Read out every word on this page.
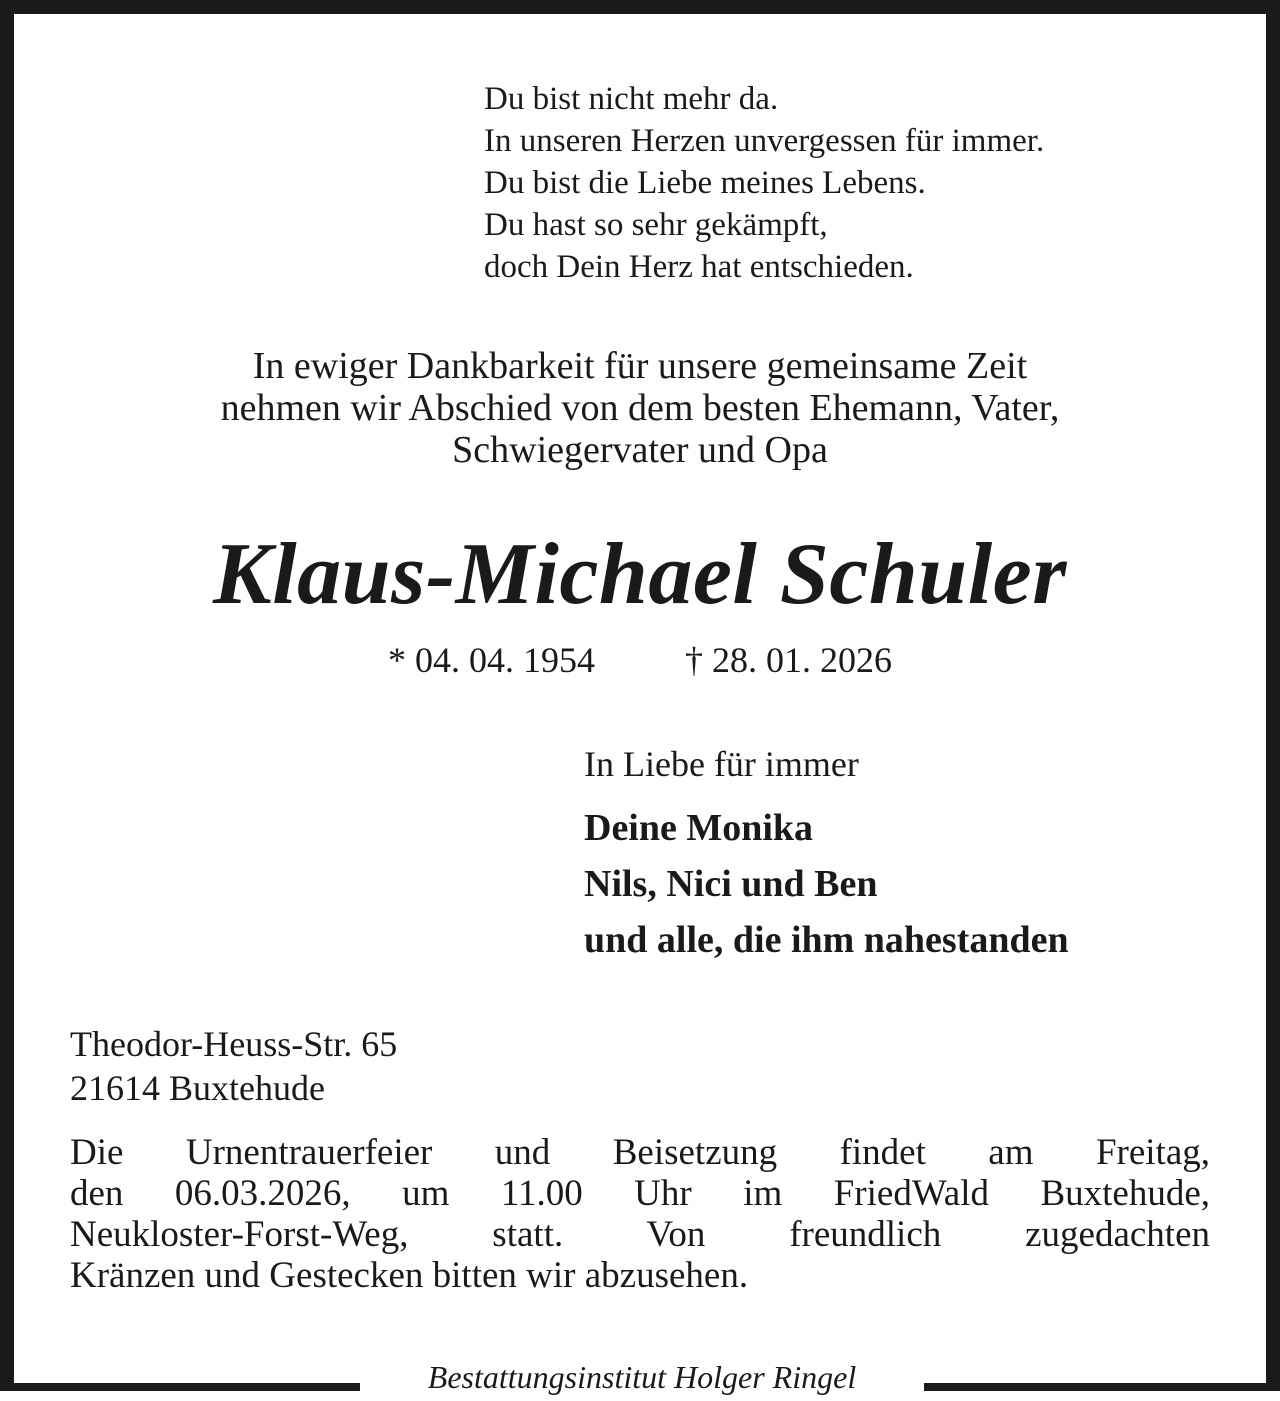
Du bist nicht mehr da.
In unseren Herzen unvergessen für immer.
Du bist die Liebe meines Lebens.
Du hast so sehr gekämpft,
doch Dein Herz hat entschieden.
In ewiger Dankbarkeit für unsere gemeinsame Zeit
nehmen wir Abschied von dem besten Ehemann, Vater,
Schwiegervater und Opa
Klaus-Michael Schuler
* 04. 04. 1954	† 28. 01. 2026
In Liebe für immer
Deine Monika
Nils, Nici und Ben
und alle, die ihm nahestanden
Theodor-Heuss-Str. 65
21614 Buxtehude
Die Urnentrauerfeier und Beisetzung findet am Freitag,
den 06.03.2026, um 11.00 Uhr im FriedWald Buxtehude,
Neukloster-Forst-Weg, statt. Von freundlich zugedachten
Kränzen und Gestecken bitten wir abzusehen.
Bestattungsinstitut Holger Ringel
